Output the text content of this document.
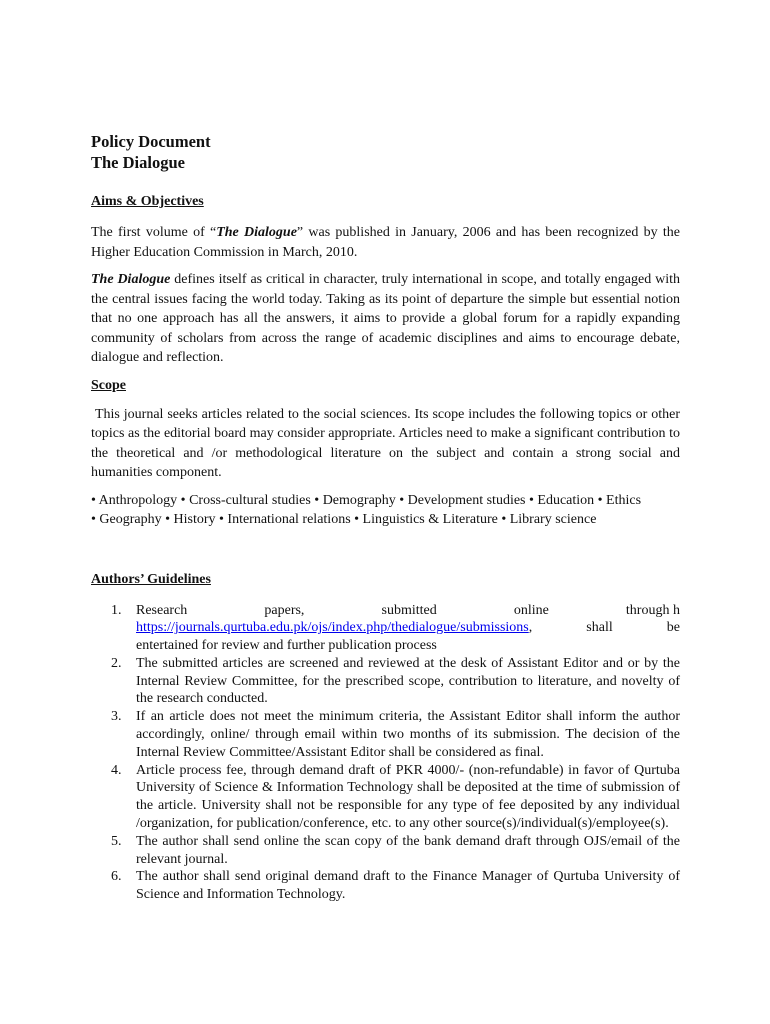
Policy Document

The Dialogue

Aims & Objectives

The first volume of “The Dialogue” was published in January, 2006 and has been recognized by the Higher Education Commission in March, 2010.

The Dialogue defines itself as critical in character, truly international in scope, and totally engaged with the central issues facing the world today. Taking as its point of departure the simple but essential notion that no one approach has all the answers, it aims to provide a global forum for a rapidly expanding community of scholars from across the range of academic disciplines and aims to encourage debate, dialogue and reflection.

Scope

This journal seeks articles related to the social sciences. Its scope includes the following topics or other topics as the editorial board may consider appropriate. Articles need to make a significant contribution to the theoretical and /or methodological literature on the subject and contain a strong social and humanities component.

• Anthropology • Cross-cultural studies • Demography • Development studies • Education • Ethics

• Geography • History • International relations • Linguistics & Literature • Library science

Authors’ Guidelines
1. Research	papers,	submitted	online	through h
https://journals.qurtuba.edu.pk/ojs/index.php/thedialogue/submissions,	shall	be
entertained for review and further publication process
2. The submitted articles are screened and reviewed at the desk of Assistant Editor and or by the Internal Review Committee, for the prescribed scope, contribution to literature, and novelty of the research conducted.
3. If an article does not meet the minimum criteria, the Assistant Editor shall inform the author accordingly, online/ through email within two months of its submission. The decision of the Internal Review Committee/Assistant Editor shall be considered as final.
4. Article process fee, through demand draft of PKR 4000/- (non-refundable) in favor of Qurtuba University of Science & Information Technology shall be deposited at the time of submission of the article. University shall not be responsible for any type of fee deposited by any individual /organization, for publication/conference, etc. to any other source(s)/individual(s)/employee(s).
5. The author shall send online the scan copy of the bank demand draft through OJS/email of the relevant journal.
6. The author shall send original demand draft to the Finance Manager of Qurtuba University of Science and Information Technology.
